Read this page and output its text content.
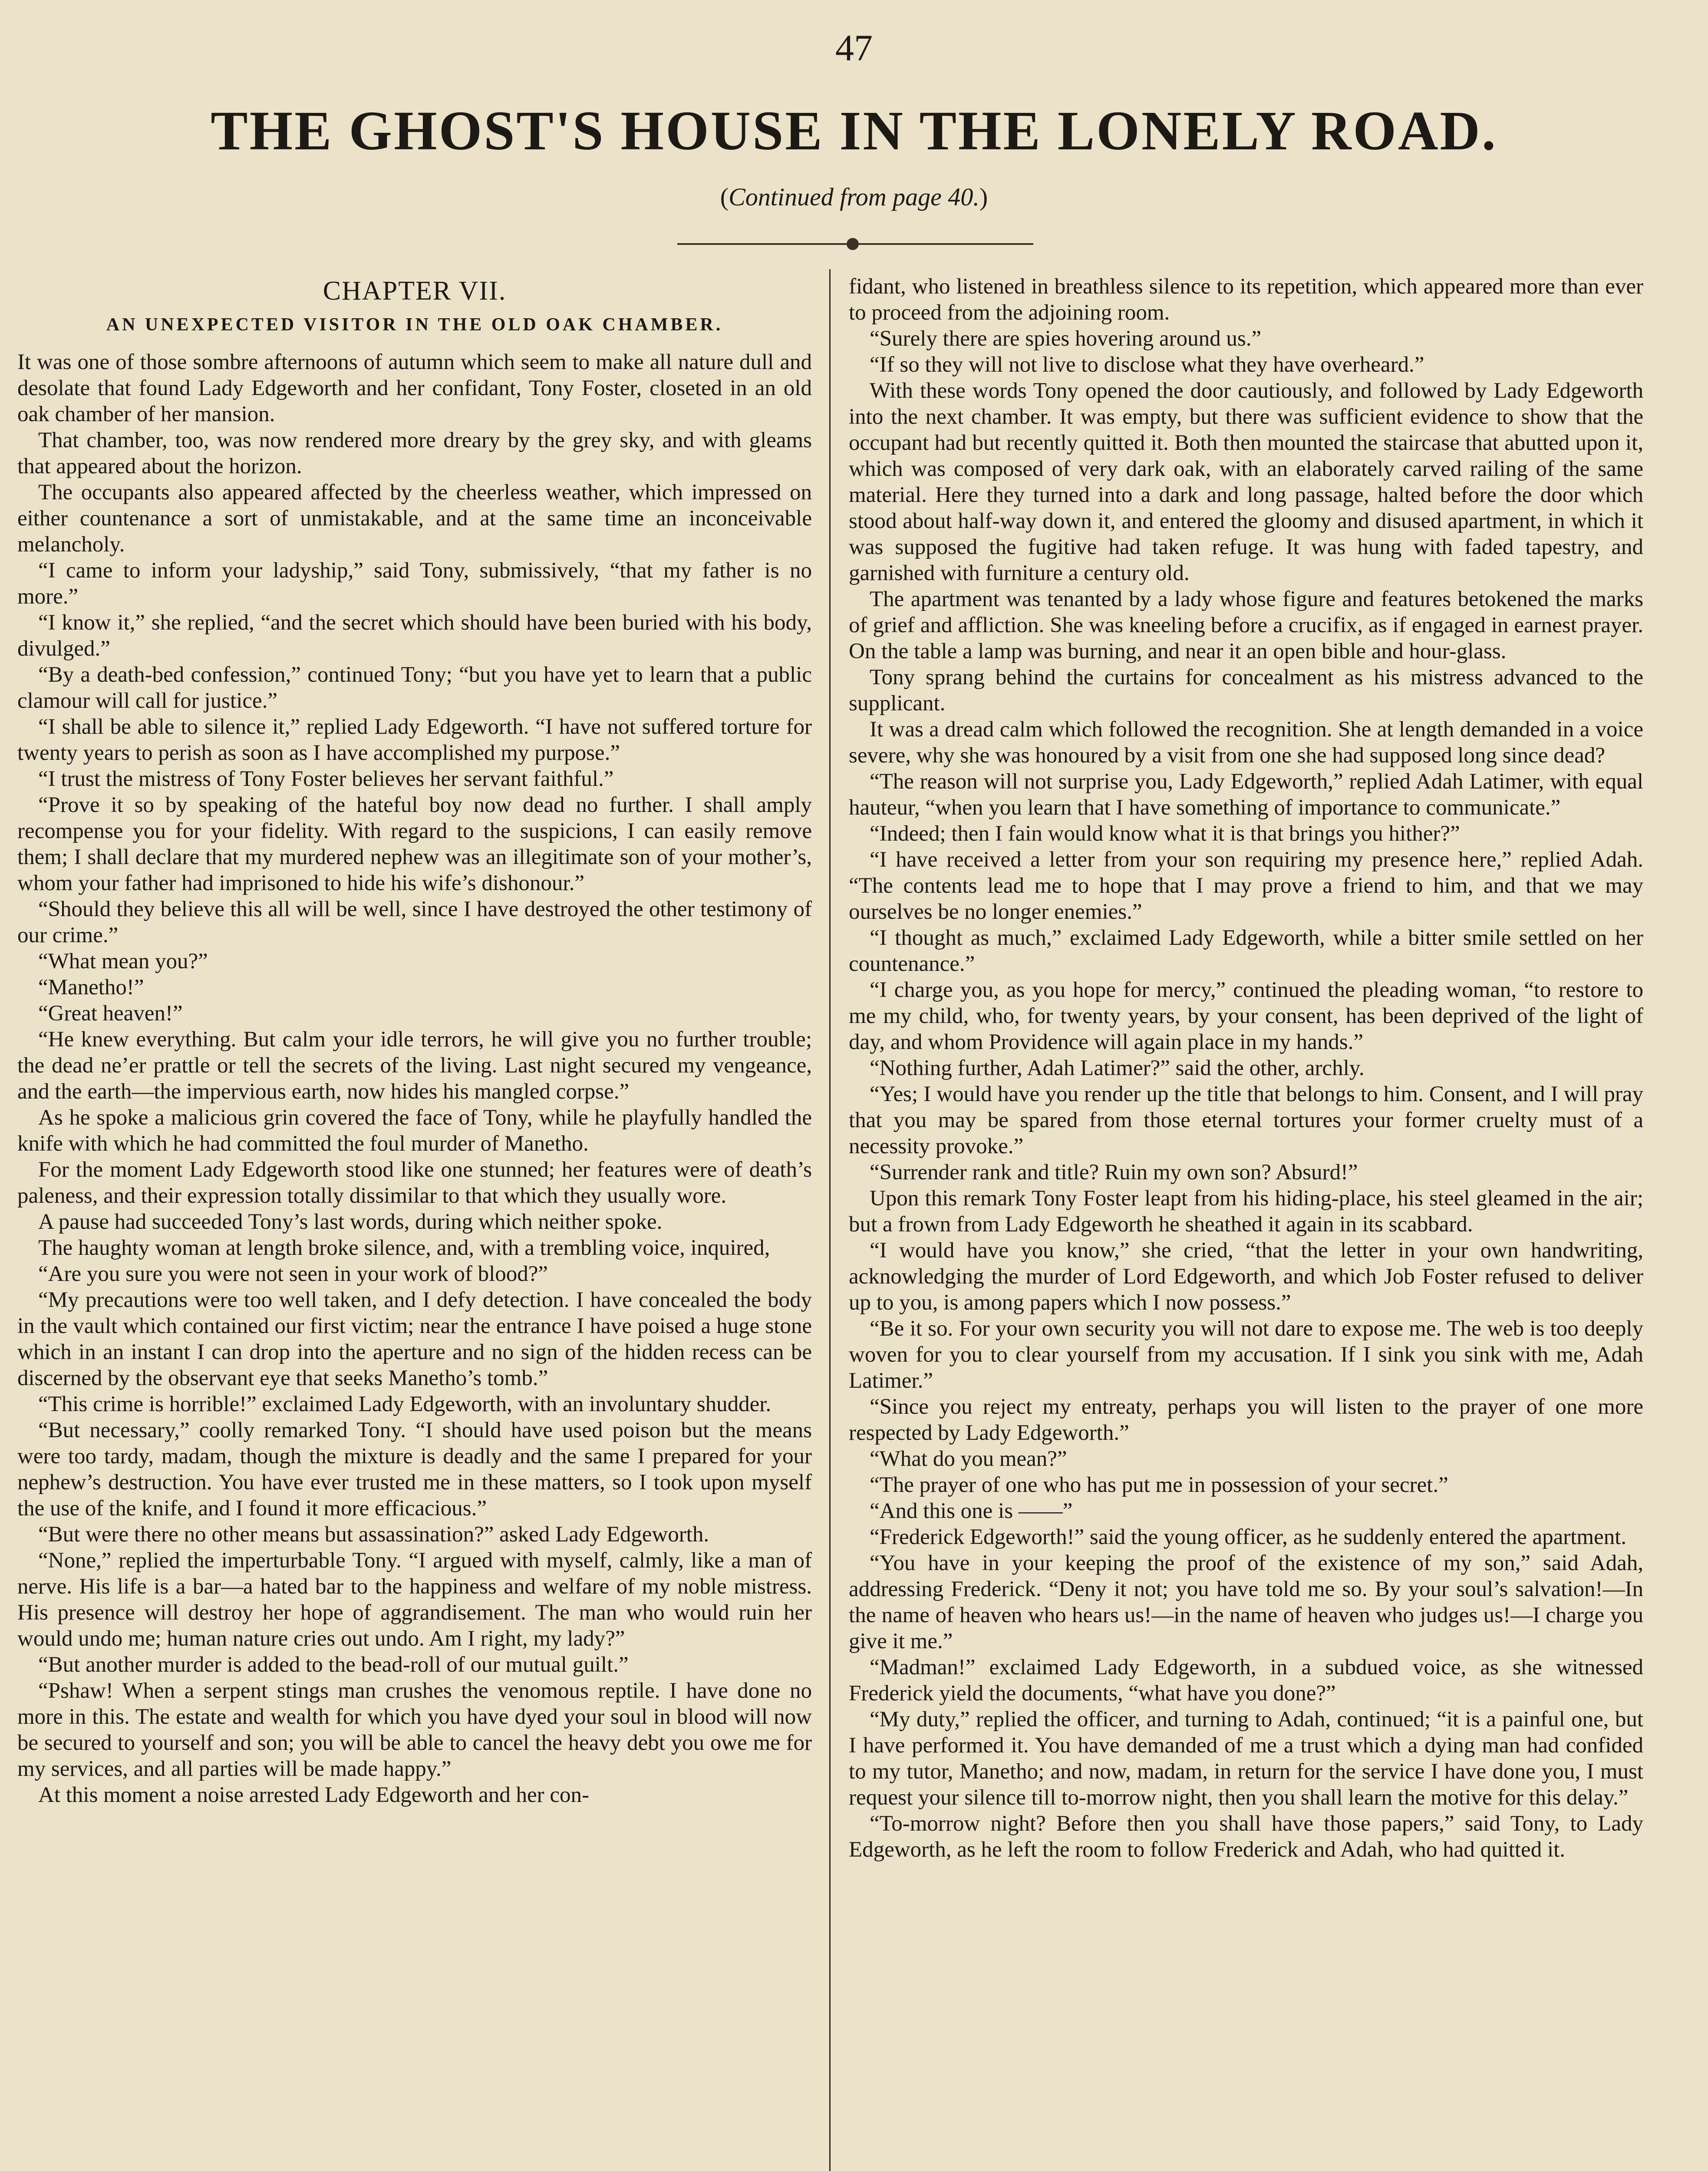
47
THE GHOST'S HOUSE IN THE LONELY ROAD.
(Continued from page 40.)
CHAPTER VII.
AN UNEXPECTED VISITOR IN THE OLD OAK CHAMBER.

It was one of those sombre afternoons of autumn which seem to make all nature dull and desolate that found Lady Edgeworth and her confidant, Tony Foster, closeted in an old oak chamber of her mansion.

That chamber, too, was now rendered more dreary by the grey sky, and with gleams that appeared about the horizon.

The occupants also appeared affected by the cheerless weather, which impressed on either countenance a sort of unmistakable, and at the same time an inconceivable melancholy.

“I came to inform your ladyship,” said Tony, submissively, “that my father is no more.”

“I know it,” she replied, “and the secret which should have been buried with his body, divulged.”

“By a death-bed confession,” continued Tony; “but you have yet to learn that a public clamour will call for justice.”

“I shall be able to silence it,” replied Lady Edgeworth. “I have not suffered torture for twenty years to perish as soon as I have accomplished my purpose.”

“I trust the mistress of Tony Foster believes her servant faithful.”

“Prove it so by speaking of the hateful boy now dead no further. I shall amply recompense you for your fidelity. With regard to the suspicions, I can easily remove them; I shall declare that my murdered nephew was an illegitimate son of your mother’s, whom your father had imprisoned to hide his wife’s dishonour.”

“Should they believe this all will be well, since I have destroyed the other testimony of our crime.”

“What mean you?”

“Manetho!”

“Great heaven!”

“He knew everything. But calm your idle terrors, he will give you no further trouble; the dead ne’er prattle or tell the secrets of the living. Last night secured my vengeance, and the earth—the impervious earth, now hides his mangled corpse.”

As he spoke a malicious grin covered the face of Tony, while he playfully handled the knife with which he had committed the foul murder of Manetho.

For the moment Lady Edgeworth stood like one stunned; her features were of death’s paleness, and their expression totally dissimilar to that which they usually wore.

A pause had succeeded Tony’s last words, during which neither spoke.

The haughty woman at length broke silence, and, with a trembling voice, inquired,

“Are you sure you were not seen in your work of blood?”

“My precautions were too well taken, and I defy detection. I have concealed the body in the vault which contained our first victim; near the entrance I have poised a huge stone which in an instant I can drop into the aperture and no sign of the hidden recess can be discerned by the observant eye that seeks Manetho’s tomb.”

“This crime is horrible!” exclaimed Lady Edgeworth, with an involuntary shudder.

“But necessary,” coolly remarked Tony. “I should have used poison but the means were too tardy, madam, though the mixture is deadly and the same I prepared for your nephew’s destruction. You have ever trusted me in these matters, so I took upon myself the use of the knife, and I found it more efficacious.”

“But were there no other means but assassination?” asked Lady Edgeworth.

“None,” replied the imperturbable Tony. “I argued with myself, calmly, like a man of nerve. His life is a bar—a hated bar to the happiness and welfare of my noble mistress. His presence will destroy her hope of aggrandisement. The man who would ruin her would undo me; human nature cries out undo. Am I right, my lady?”

“But another murder is added to the bead-roll of our mutual guilt.”

“Pshaw! When a serpent stings man crushes the venomous reptile. I have done no more in this. The estate and wealth for which you have dyed your soul in blood will now be secured to yourself and son; you will be able to cancel the heavy debt you owe me for my services, and all parties will be made happy.”

At this moment a noise arrested Lady Edgeworth and her con-

fidant, who listened in breathless silence to its repetition, which appeared more than ever to proceed from the adjoining room.

“Surely there are spies hovering around us.”

“If so they will not live to disclose what they have overheard.”

With these words Tony opened the door cautiously, and followed by Lady Edgeworth into the next chamber. It was empty, but there was sufficient evidence to show that the occupant had but recently quitted it. Both then mounted the staircase that abutted upon it, which was composed of very dark oak, with an elaborately carved railing of the same material. Here they turned into a dark and long passage, halted before the door which stood about half-way down it, and entered the gloomy and disused apartment, in which it was supposed the fugitive had taken refuge. It was hung with faded tapestry, and garnished with furniture a century old.

The apartment was tenanted by a lady whose figure and features betokened the marks of grief and affliction. She was kneeling before a crucifix, as if engaged in earnest prayer. On the table a lamp was burning, and near it an open bible and hour-glass.

Tony sprang behind the curtains for concealment as his mistress advanced to the supplicant.

It was a dread calm which followed the recognition. She at length demanded in a voice severe, why she was honoured by a visit from one she had supposed long since dead?

“The reason will not surprise you, Lady Edgeworth,” replied Adah Latimer, with equal hauteur, “when you learn that I have something of importance to communicate.”

“Indeed; then I fain would know what it is that brings you hither?”

“I have received a letter from your son requiring my presence here,” replied Adah. “The contents lead me to hope that I may prove a friend to him, and that we may ourselves be no longer enemies.”

“I thought as much,” exclaimed Lady Edgeworth, while a bitter smile settled on her countenance.”

“I charge you, as you hope for mercy,” continued the pleading woman, “to restore to me my child, who, for twenty years, by your consent, has been deprived of the light of day, and whom Providence will again place in my hands.”

“Nothing further, Adah Latimer?” said the other, archly.

“Yes; I would have you render up the title that belongs to him. Consent, and I will pray that you may be spared from those eternal tortures your former cruelty must of a necessity provoke.”

“Surrender rank and title? Ruin my own son? Absurd!”

Upon this remark Tony Foster leapt from his hiding-place, his steel gleamed in the air; but a frown from Lady Edgeworth he sheathed it again in its scabbard.

“I would have you know,” she cried, “that the letter in your own handwriting, acknowledging the murder of Lord Edgeworth, and which Job Foster refused to deliver up to you, is among papers which I now possess.”

“Be it so. For your own security you will not dare to expose me. The web is too deeply woven for you to clear yourself from my accusation. If I sink you sink with me, Adah Latimer.”

“Since you reject my entreaty, perhaps you will listen to the prayer of one more respected by Lady Edgeworth.”

“What do you mean?”

“The prayer of one who has put me in possession of your secret.”

“And this one is ——”

“Frederick Edgeworth!” said the young officer, as he suddenly entered the apartment.

“You have in your keeping the proof of the existence of my son,” said Adah, addressing Frederick. “Deny it not; you have told me so. By your soul’s salvation!—In the name of heaven who hears us!—in the name of heaven who judges us!—I charge you give it me.”

“Madman!” exclaimed Lady Edgeworth, in a subdued voice, as she witnessed Frederick yield the documents, “what have you done?”

“My duty,” replied the officer, and turning to Adah, continued; “it is a painful one, but I have performed it. You have demanded of me a trust which a dying man had confided to my tutor, Manetho; and now, madam, in return for the service I have done you, I must request your silence till to-morrow night, then you shall learn the motive for this delay.”

“To-morrow night? Before then you shall have those papers,” said Tony, to Lady Edgeworth, as he left the room to follow Frederick and Adah, who had quitted it.
